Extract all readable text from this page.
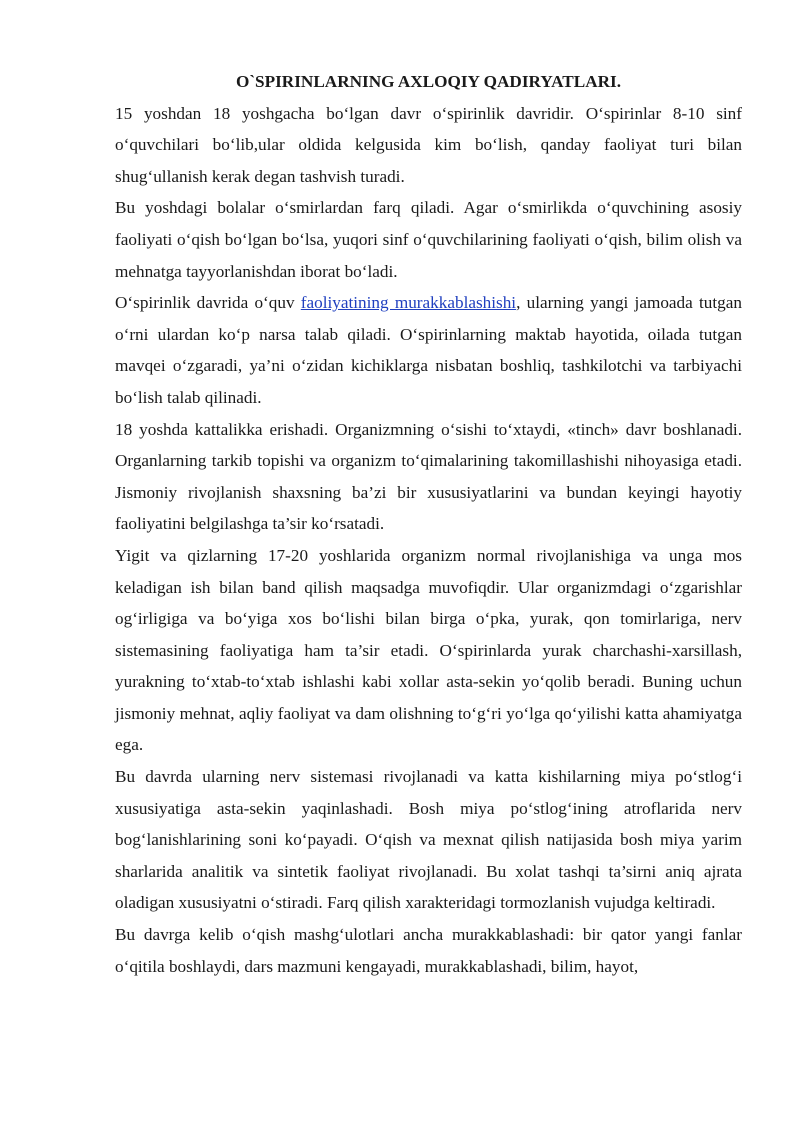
O`SPIRINLARNING AXLOQIY QADIRYATLARI.

15 yoshdan 18 yoshgacha bo‘lgan davr o‘spirinlik davridir. O‘spirinlar 8-10 sinf o‘quvchilari bo‘lib,ular oldida kelgusida kim bo‘lish, qanday faoliyat turi bilan shug‘ullanish kerak degan tashvish turadi.

Bu yoshdagi bolalar o‘smirlardan farq qiladi. Agar o‘smirlikda o‘quvchining asosiy faoliyati o‘qish bo‘lgan bo‘lsa, yuqori sinf o‘quvchilarining faoliyati o‘qish, bilim olish va mehnatga tayyorlanishdan iborat bo‘ladi.

O‘spirinlik davrida o‘quv faoliyatining murakkablashishi, ularning yangi jamoada tutgan o‘rni ulardan ko‘p narsa talab qiladi. O‘spirinlarning maktab hayotida, oilada tutgan mavqei o‘zgaradi, ya’ni o‘zidan kichiklarga nisbatan boshliq, tashkilotchi va tarbiyachi bo‘lish talab qilinadi.

18 yoshda kattalikka erishadi. Organizmning o‘sishi to‘xtaydi, «tinch» davr boshlanadi. Organlarning tarkib topishi va organizm to‘qimalarining takomillashishi nihoyasiga etadi. Jismoniy rivojlanish shaxsning ba’zi bir xususiyatlarini va bundan keyingi hayotiy faoliyatini belgilashga ta’sir ko‘rsatadi.

Yigit va qizlarning 17-20 yoshlarida organizm normal rivojlanishiga va unga mos keladigan ish bilan band qilish maqsadga muvofiqdir. Ular organizmdagi o‘zgarishlar og‘irligiga va bo‘yiga xos bo‘lishi bilan birga o‘pka, yurak, qon tomirlariga, nerv sistemasining faoliyatiga ham ta’sir etadi. O‘spirinlarda yurak charchashi-xarsillash, yurakning to‘xtab-to‘xtab ishlashi kabi xollar asta-sekin yo‘qolib beradi. Buning uchun jismoniy mehnat, aqliy faoliyat va dam olishning to‘g‘ri yo‘lga qo‘yilishi katta ahamiyatga ega.

Bu davrda ularning nerv sistemasi rivojlanadi va katta kishilarning miya po‘stlog‘i xususiyatiga asta-sekin yaqinlashadi. Bosh miya po‘stlog‘ining atroflarida nerv bog‘lanishlarining soni ko‘payadi. O‘qish va mexnat qilish natijasida bosh miya yarim sharlarida analitik va sintetik faoliyat rivojlanadi. Bu xolat tashqi ta’sirni aniq ajrata oladigan xususiyatni o‘stiradi. Farq qilish xarakteridagi tormozlanish vujudga keltiradi.

Bu davrga kelib o‘qish mashg‘ulotlari ancha murakkablashadi: bir qator yangi fanlar o‘qitila boshlaydi, dars mazmuni kengayadi, murakkablashadi, bilim, hayot,
